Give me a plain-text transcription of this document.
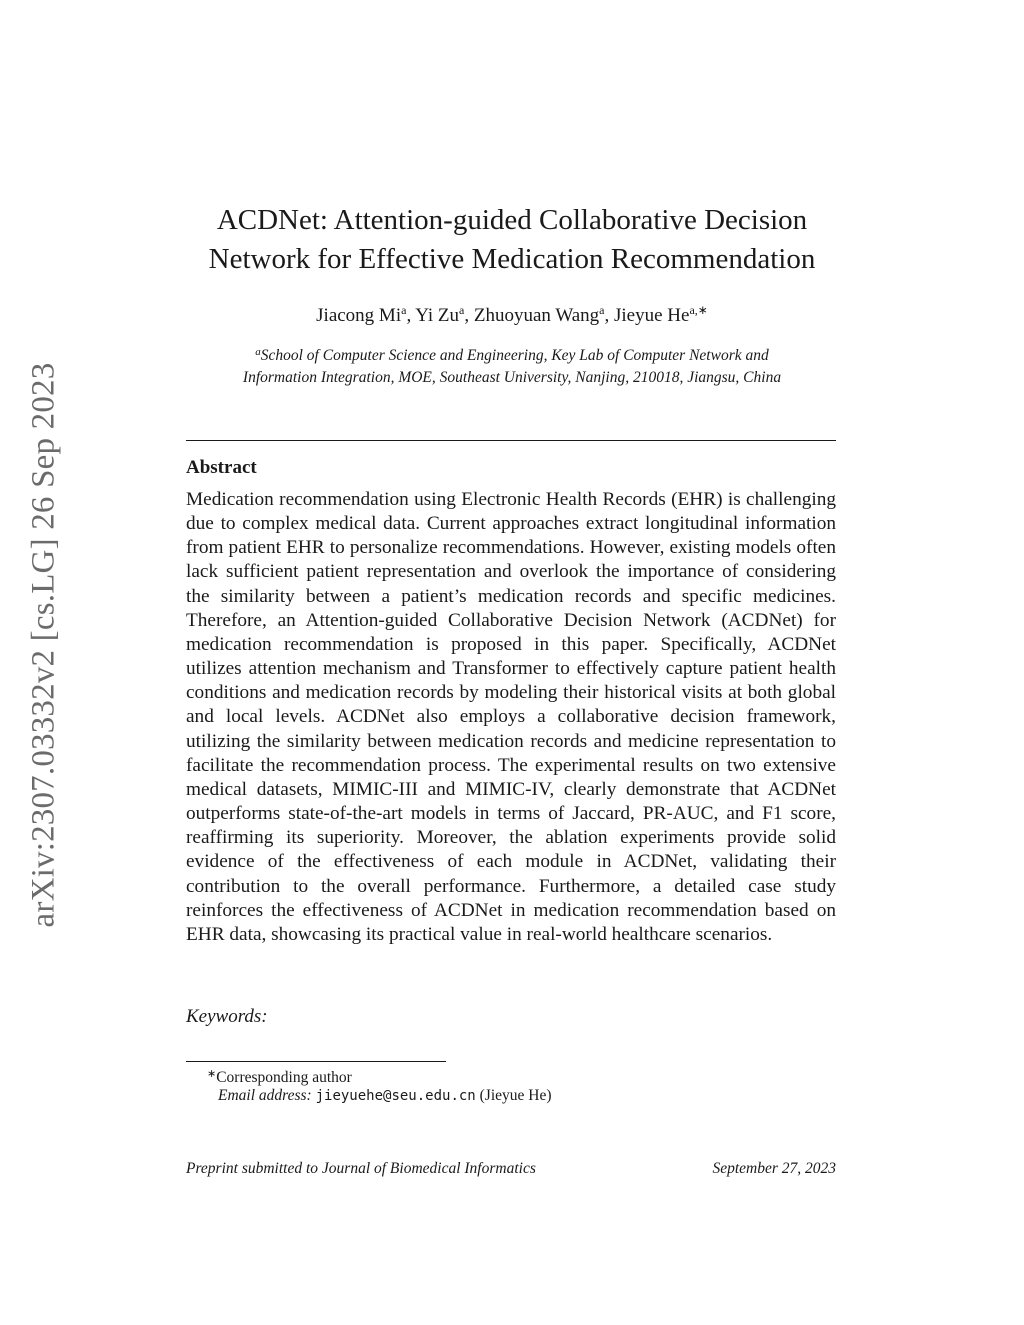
arXiv:2307.03332v2 [cs.LG] 26 Sep 2023
ACDNet: Attention-guided Collaborative Decision
Network for Effective Medication Recommendation
Jiacong Mi$^a$, Yi Zu$^a$, Zhuoyuan Wang$^a$, Jieyue $He^{a,∗}$
$^a$School of Computer Science and Engineering, Key Lab of Computer Network and
Information Integration, MOE, Southeast University, Nanjing, 210018, Jiangsu, China
Abstract
Medication recommendation using Electronic Health Records (EHR) is challenging due to complex medical data. Current approaches extract longitudinal information from patient EHR to personalize recommendations. However, existing models often lack sufficient patient representation and overlook the importance of considering the similarity between a patient’s medication records and specific medicines. Therefore, an Attention-guided Collaborative Decision Network (ACDNet) for medication recommendation is proposed in this paper. Specifically, ACDNet utilizes attention mechanism and Transformer to effectively capture patient health conditions and medication records by modeling their historical visits at both global and local levels. ACDNet also employs a collaborative decision framework, utilizing the similarity between medication records and medicine representation to facilitate the recommendation process. The experimental results on two extensive medical datasets, MIMIC-III and MIMIC-IV, clearly demonstrate that ACDNet outperforms state-of-the-art models in terms of Jaccard, PR-AUC, and F1 score, reaffirming its superiority. Moreover, the ablation experiments provide solid evidence of the effectiveness of each module in ACDNet, validating their contribution to the overall performance. Furthermore, a detailed case study reinforces the effectiveness of ACDNet in medication recommendation based on EHR data, showcasing its practical value in real-world healthcare scenarios.
Keywords:
∗Corresponding author
Email address: jieyuehe@seu.edu.cn (Jieyue He)
Preprint submitted to Journal of Biomedical Informatics	September 27, 2023
